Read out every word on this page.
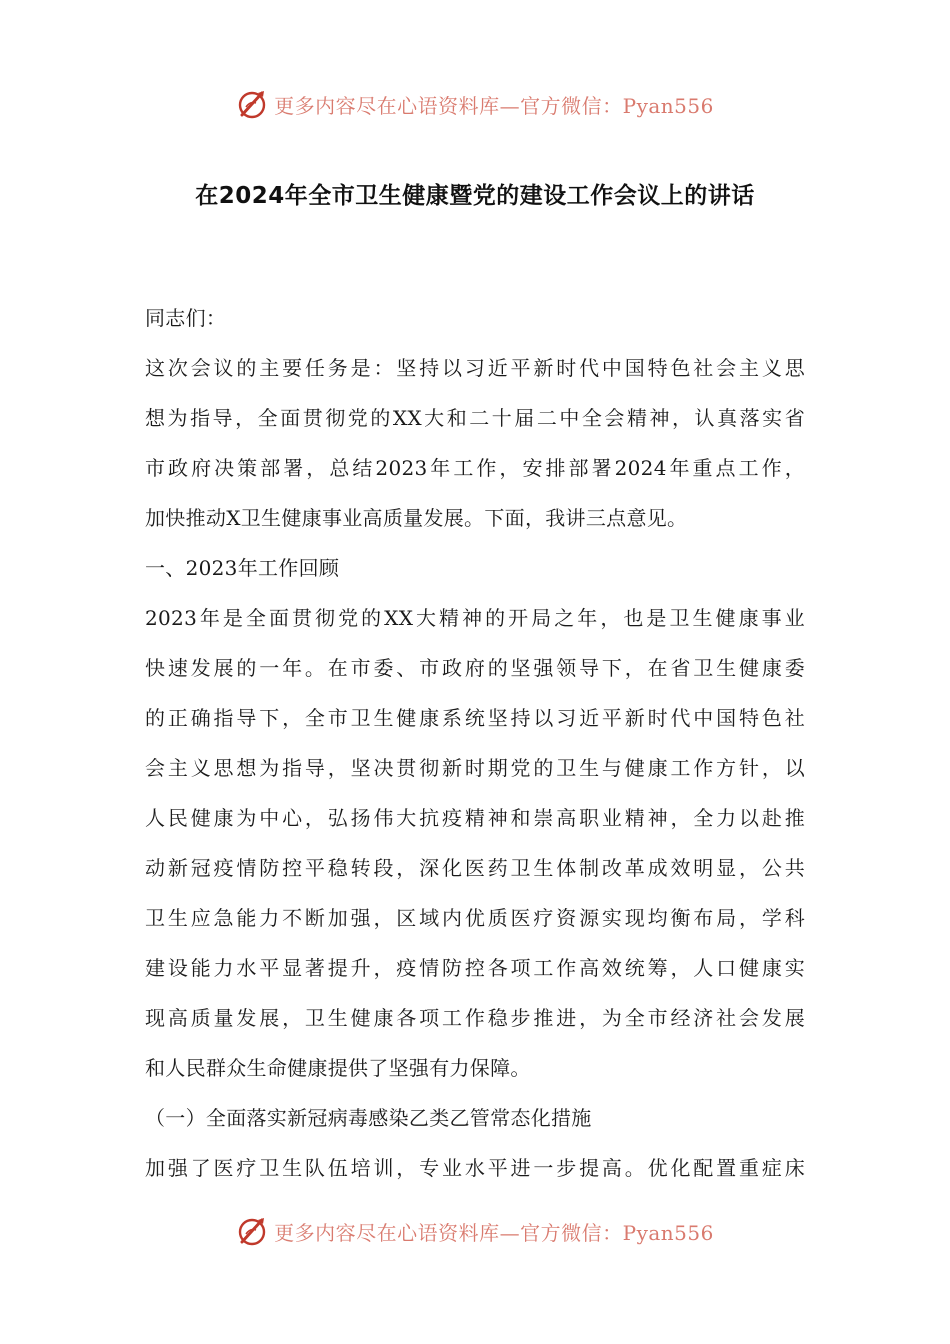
更多内容尽在心语资料库—官方微信：Pyan556
在2024年全市卫生健康暨党的建设工作会议上的讲话
同志们：
这次会议的主要任务是：坚持以习近平新时代中国特色社会主义思
想为指导，全面贯彻党的XX大和二十届二中全会精神，认真落实省
市政府决策部署，总结2023年工作，安排部署2024年重点工作，
加快推动X卫生健康事业高质量发展。下面，我讲三点意见。
一、2023年工作回顾
2023年是全面贯彻党的XX大精神的开局之年，也是卫生健康事业
快速发展的一年。在市委、市政府的坚强领导下，在省卫生健康委
的正确指导下，全市卫生健康系统坚持以习近平新时代中国特色社
会主义思想为指导，坚决贯彻新时期党的卫生与健康工作方针，以
人民健康为中心，弘扬伟大抗疫精神和崇高职业精神，全力以赴推
动新冠疫情防控平稳转段，深化医药卫生体制改革成效明显，公共
卫生应急能力不断加强，区域内优质医疗资源实现均衡布局，学科
建设能力水平显著提升，疫情防控各项工作高效统筹，人口健康实
现高质量发展，卫生健康各项工作稳步推进，为全市经济社会发展
和人民群众生命健康提供了坚强有力保障。
（一）全面落实新冠病毒感染乙类乙管常态化措施
加强了医疗卫生队伍培训，专业水平进一步提高。优化配置重症床
更多内容尽在心语资料库—官方微信：Pyan556
